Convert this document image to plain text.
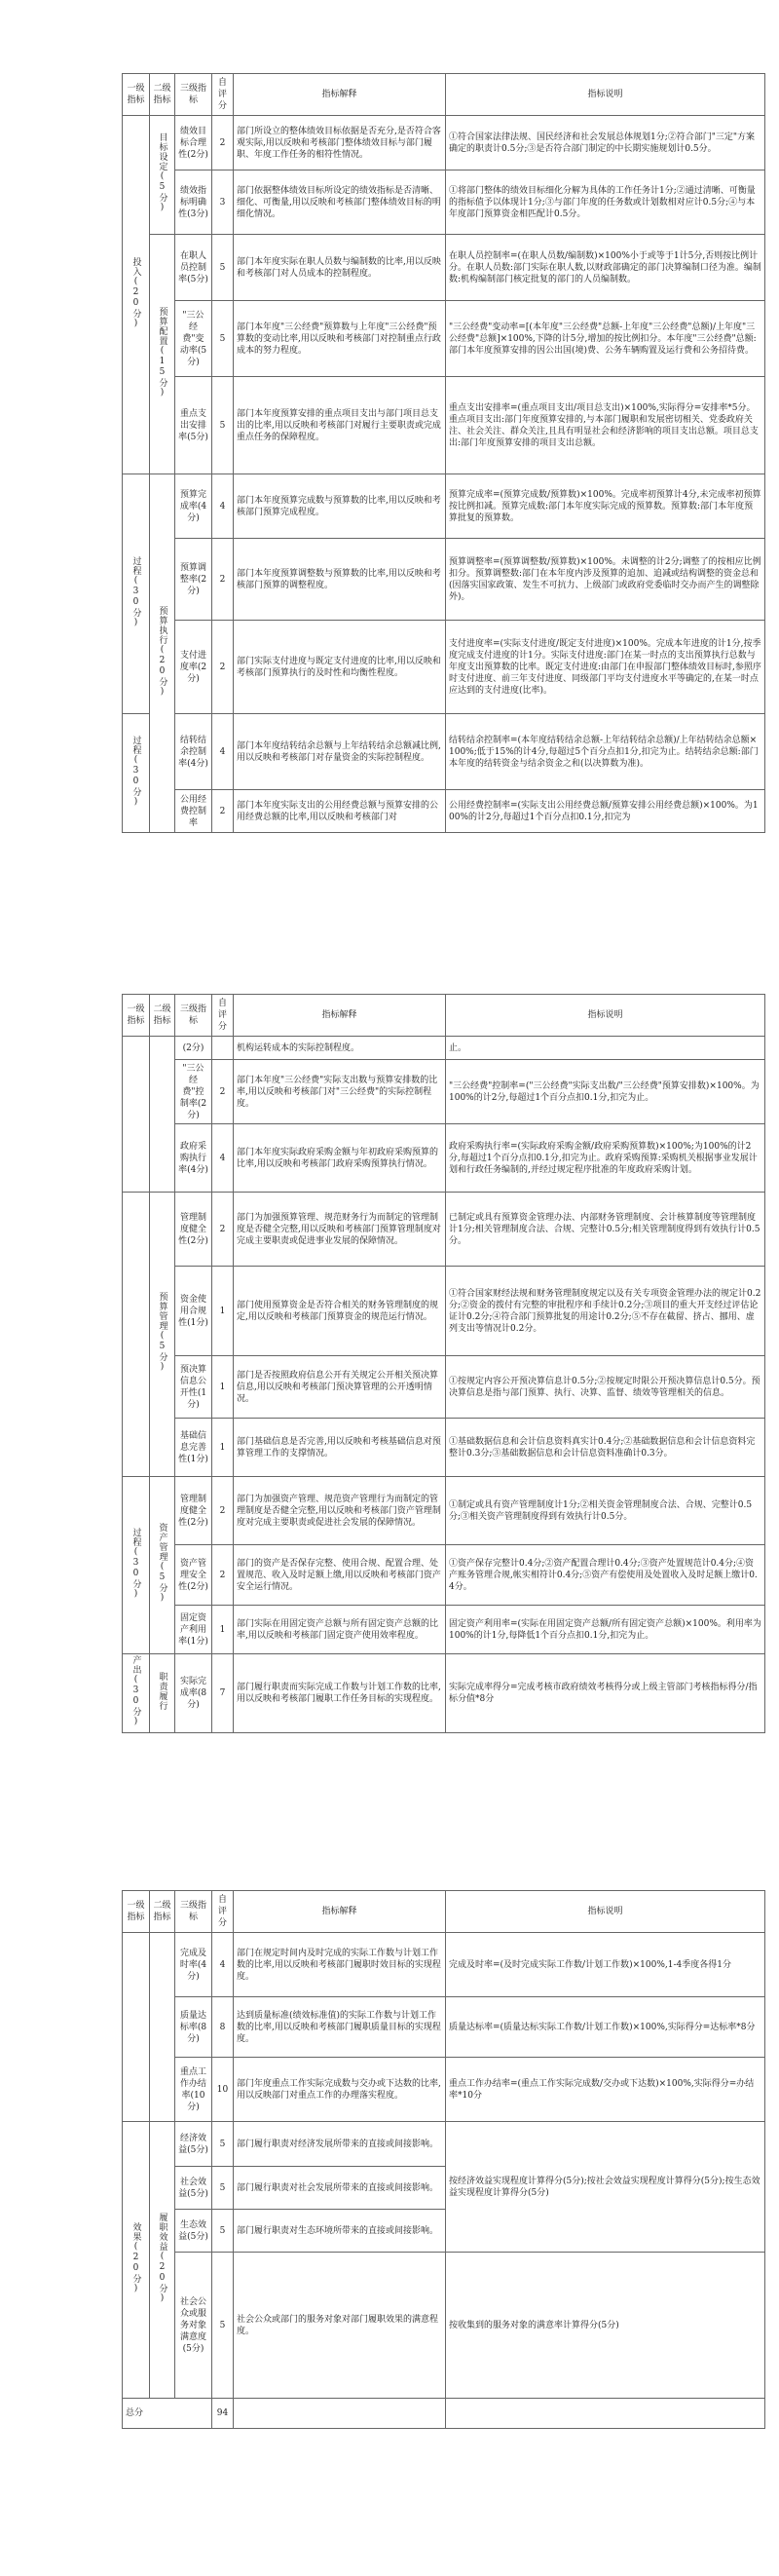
一级指标	二级指标	三级指标	自评分	指标解释	指标说明
投入(20分)	目标设定(5分)	绩效目标合理性(2分)	2	部门所设立的整体绩效目标依据是否充分,是否符合客观实际,用以反映和考核部门整体绩效目标与部门履职、年度工作任务的相符性情况。	①符合国家法律法规、国民经济和社会发展总体规划1分;②符合部门"三定"方案确定的职责计0.5分;③是否符合部门制定的中长期实施规划计0.5分。
		绩效指标明确性(3分)	3	部门依据整体绩效目标所设定的绩效指标是否清晰、细化、可衡量,用以反映和考核部门整体绩效目标的明细化情况。	①将部门整体的绩效目标细化分解为具体的工作任务计1分;②通过清晰、可衡量的指标值予以体现计1分;③与部门年度的任务数或计划数相对应计0.5分;④与本年度部门预算资金相匹配计0.5分。
	预算配置(15分)	在职人员控制率(5分)	5	部门本年度实际在职人员数与编制数的比率,用以反映和考核部门对人员成本的控制程度。	在职人员控制率=(在职人员数/编制数)×100%小于或等于1计5分,否则按比例计分。在职人员数:部门实际在职人数,以财政部确定的部门决算编制口径为准。编制数:机构编制部门核定批复的部门的人员编制数。
		"三公经费"变动率(5分)	5	部门本年度"三公经费"预算数与上年度"三公经费"预算数的变动比率,用以反映和考核部门对控制重点行政成本的努力程度。	"三公经费"变动率=[(本年度"三公经费"总额-上年度"三公经费"总额)/上年度"三公经费"总额]×100%,下降的计5分,增加的按比例扣分。本年度"三公经费"总额:部门本年度预算安排的因公出国(境)费、公务车辆购置及运行费和公务招待费。
		重点支出安排率(5分)	5	部门本年度预算安排的重点项目支出与部门项目总支出的比率,用以反映和考核部门对履行主要职责或完成重点任务的保障程度。	重点支出安排率=(重点项目支出/项目总支出)×100%,实际得分=安排率*5分。重点项目支出:部门年度预算安排的,与本部门履职和发展密切相关、党委政府关注、社会关注、群众关注,且具有明显社会和经济影响的项目支出总额。项目总支出:部门年度预算安排的项目支出总额。
过程(30分)	预算执行(20分)	预算完成率(4分)	4	部门本年度预算完成数与预算数的比率,用以反映和考核部门预算完成程度。	预算完成率=(预算完成数/预算数)×100%。完成率初预算计4分,未完成率初预算按比例扣减。预算完成数:部门本年度实际完成的预算数。预算数:部门本年度预算批复的预算数。
		预算调整率(2分)	2	部门本年度预算调整数与预算数的比率,用以反映和考核部门预算的调整程度。	预算调整率=(预算调整数/预算数)×100%。未调整的计2分;调整了的按相应比例扣分。预算调整数:部门在本年度内涉及预算的追加、追减或结构调整的资金总和(因落实国家政策、发生不可抗力、上级部门或政府党委临时交办而产生的调整除外)。
		支付进度率(2分)	2	部门实际支付进度与既定支付进度的比率,用以反映和考核部门预算执行的及时性和均衡性程度。	支付进度率=(实际支付进度/既定支付进度)×100%。完成本年进度的计1分,按季度完成支付进度的计1分。实际支付进度:部门在某一时点的支出预算执行总数与年度支出预算数的比率。既定支付进度:由部门在申报部门整体绩效目标时,参照序时支付进度、前三年支付进度、同级部门平均支付进度水平等确定的,在某一时点应达到的支付进度(比率)。
过程(30分)		结转结余控制率(4分)	4	部门本年度结转结余总额与上年结转结余总额减比例,用以反映和考核部门对存量资金的实际控制程度。	结转结余控制率=(本年度结转结余总额-上年结转结余总额)/上年结转结余总额×100%;低于15%的计4分,每超过5个百分点扣1分,扣完为止。结转结余总额:部门本年度的结转资金与结余资金之和(以决算数为准)。
		公用经费控制率	2	部门本年度实际支出的公用经费总额与预算安排的公用经费总额的比率,用以反映和考核部门对	公用经费控制率=(实际支出公用经费总额/预算安排公用经费总额)×100%。为100%的计2分,每超过1个百分点扣0.1分,扣完为
一级指标	二级指标	三级指标	自评分	指标解释	指标说明
		(2分)		机构运转成本的实际控制程度。	止。
		"三公经费"控制率(2分)	2	部门本年度"三公经费"实际支出数与预算安排数的比率,用以反映和考核部门对"三公经费"的实际控制程度。	"三公经费"控制率=("三公经费"实际支出数/"三公经费"预算安排数)×100%。为100%的计2分,每超过1个百分点扣0.1分,扣完为止。
		政府采购执行率(4分)	4	部门本年度实际政府采购金额与年初政府采购预算的比率,用以反映和考核部门政府采购预算执行情况。	政府采购执行率=(实际政府采购金额/政府采购预算数)×100%;为100%的计2分,每超过1个百分点扣0.1分,扣完为止。政府采购预算:采购机关根据事业发展计划和行政任务编制的,并经过规定程序批准的年度政府采购计划。
	预算管理(5分)	管理制度健全性(2分)	2	部门为加强预算管理、规范财务行为而制定的管理制度是否健全完整,用以反映和考核部门预算管理制度对完成主要职责或促进事业发展的保障情况。	已制定或具有预算资金管理办法、内部财务管理制度、会计核算制度等管理制度计1分;相关管理制度合法、合规、完整计0.5分;相关管理制度得到有效执行计0.5分。
		资金使用合规性(1分)	1	部门使用预算资金是否符合相关的财务管理制度的规定,用以反映和考核部门预算资金的规范运行情况。	①符合国家财经法规和财务管理制度规定以及有关专项资金管理办法的规定计0.2分;②资金的拨付有完整的审批程序和手续计0.2分;③项目的重大开支经过评估论证计0.2分;④符合部门预算批复的用途计0.2分;⑤不存在截留、挤占、挪用、虚列支出等情况计0.2分。
		预决算信息公开性(1分)	1	部门是否按照政府信息公开有关规定公开相关预决算信息,用以反映和考核部门预决算管理的公开透明情况。	①按规定内容公开预决算信息计0.5分;②按规定时限公开预决算信息计0.5分。预决算信息是指与部门预算、执行、决算、监督、绩效等管理相关的信息。
		基础信息完善性(1分)	1	部门基础信息是否完善,用以反映和考核基础信息对预算管理工作的支撑情况。	①基础数据信息和会计信息资料真实计0.4分;②基础数据信息和会计信息资料完整计0.3分;③基础数据信息和会计信息资料准确计0.3分。
过程(30分)	资产管理(5分)	管理制度健全性(2分)	2	部门为加强资产管理、规范资产管理行为而制定的管理制度是否健全完整,用以反映和考核部门资产管理制度对完成主要职责或促进社会发展的保障情况。	①制定或具有资产管理制度计1分;②相关资金管理制度合法、合规、完整计0.5分;③相关资产管理制度得到有效执行计0.5分。
		资产管理安全性(2分)	2	部门的资产是否保存完整、使用合规、配置合理、处置规范、收入及时足额上缴,用以反映和考核部门资产安全运行情况。	①资产保存完整计0.4分;②资产配置合理计0.4分;③资产处置规范计0.4分;④资产账务管理合规,帐实相符计0.4分;⑤资产有偿使用及处置收入及时足额上缴计0.4分。
		固定资产利用率(1分)	1	部门实际在用固定资产总额与所有固定资产总额的比率,用以反映和考核部门固定资产使用效率程度。	固定资产利用率=(实际在用固定资产总额/所有固定资产总额)×100%。利用率为100%的计1分,每降低1个百分点扣0.1分,扣完为止。
产出(30分)	职责履行	实际完成率(8分)	7	部门履行职责而实际完成工作数与计划工作数的比率,用以反映和考核部门履职工作任务目标的实现程度。	实际完成率得分=完成考核市政府绩效考核得分或上级主管部门考核指标得分/指标分值*8分
一级指标	二级指标	三级指标	自评分	指标解释	指标说明
		完成及时率(4分)	4	部门在规定时间内及时完成的实际工作数与计划工作数的比率,用以反映和考核部门履职时效目标的实现程度。	完成及时率=(及时完成实际工作数/计划工作数)×100%,1-4季度各得1分
		质量达标率(8分)	8	达到质量标准(绩效标准值)的实际工作数与计划工作数的比率,用以反映和考核部门履职质量目标的实现程度。	质量达标率=(质量达标实际工作数/计划工作数)×100%,实际得分=达标率*8分
		重点工作办结率(10分)	10	部门年度重点工作实际完成数与交办或下达数的比率,用以反映部门对重点工作的办理落实程度。	重点工作办结率=(重点工作实际完成数/交办或下达数)×100%,实际得分=办结率*10分
效果(20分)	履职效益(20分)	经济效益(5分)	5	部门履行职责对经济发展所带来的直接或间接影响。	按经济效益实现程度计算得分(5分);按社会效益实现程度计算得分(5分);按生态效益实现程度计算得分(5分)
		社会效益(5分)	5	部门履行职责对社会发展所带来的直接或间接影响。	
		生态效益(5分)	5	部门履行职责对生态环境所带来的直接或间接影响。	
		社会公众或服务对象满意度(5分)	5	社会公众或部门的服务对象对部门履职效果的满意程度。	按收集到的服务对象的满意率计算得分(5分)
总分			94		
